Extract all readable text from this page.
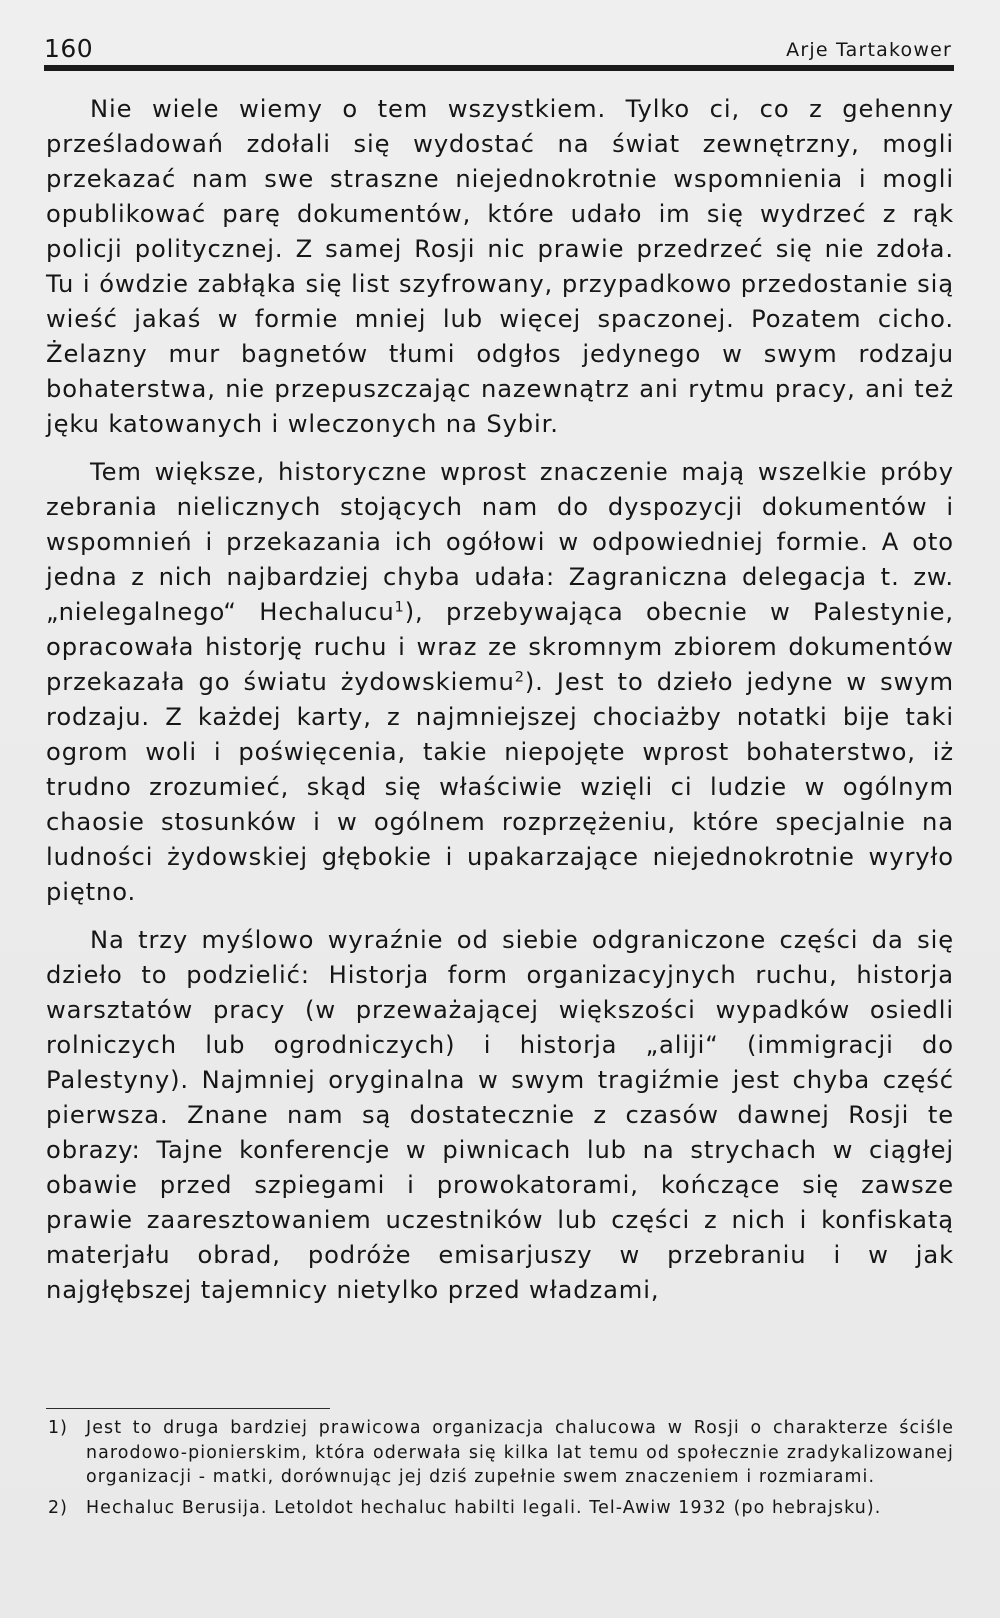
160	Arje Tartakower

Nie wiele wiemy o tem wszystkiem. Tylko ci, co z gehenny prześladowań zdołali się wydostać na świat zewnętrzny, mogli przekazać nam swe straszne niejednokrotnie wspomnienia i mogli opublikować parę dokumentów, które udało im się wydrzeć z rąk policji politycznej. Z samej Rosji nic prawie przedrzeć się nie zdoła. Tu i ówdzie zabłąka się list szyfrowany, przypadkowo przedostanie sią wieść jakaś w formie mniej lub więcej spaczonej. Pozatem cicho. Żelazny mur bagnetów tłumi odgłos jedynego w swym rodzaju bohaterstwa, nie przepuszczając nazewnątrz ani rytmu pracy, ani też jęku katowanych i wleczonych na Sybir.

Tem większe, historyczne wprost znaczenie mają wszelkie próby zebrania nielicznych stojących nam do dyspozycji dokumentów i wspomnień i przekazania ich ogółowi w odpowiedniej formie. A oto jedna z nich najbardziej chyba udała: Zagraniczna delegacja t. zw. „nielegalnego“ Hechalucu$^1$), przebywająca obecnie w Palestynie, opracowała historję ruchu i wraz ze skromnym zbiorem dokumentów przekazała go światu żydowskiemu$^2$). Jest to dzieło jedyne w swym rodzaju. Z każdej karty, z najmniejszej chociażby notatki bije taki ogrom woli i poświęcenia, takie niepojęte wprost bohaterstwo, iż trudno zrozumieć, skąd się właściwie wzięli ci ludzie w ogólnym chaosie stosunków i w ogólnem rozprzężeniu, które specjalnie na ludności żydowskiej głębokie i upakarzające niejednokrotnie wyryło piętno.

Na trzy myślowo wyraźnie od siebie odgraniczone części da się dzieło to podzielić: Historja form organizacyjnych ruchu, historja warsztatów pracy (w przeważającej większości wypadków osiedli rolniczych lub ogrodniczych) i historja „aliji“ (immigracji do Palestyny). Najmniej oryginalna w swym tragiźmie jest chyba część pierwsza. Znane nam są dostatecznie z czasów dawnej Rosji te obrazy: Tajne konferencje w piwnicach lub na strychach w ciągłej obawie przed szpiegami i prowokatorami, kończące się zawsze prawie zaaresztowaniem uczestników lub części z nich i konfiskatą materjału obrad, podróże emisarjuszy w przebraniu i w jak najgłębszej tajemnicy nietylko przed władzami,

1) Jest to druga bardziej prawicowa organizacja chalucowa w Rosji o charakterze ściśle narodowo-pionierskim, która oderwała się kilka lat temu od społecznie zradykalizowanej organizacji - matki, dorównując jej dziś zupełnie swem znaczeniem i rozmiarami.
2) Hechaluc Berusija. Letoldot hechaluc habilti legali. Tel-Awiw 1932 (po hebrajsku).
